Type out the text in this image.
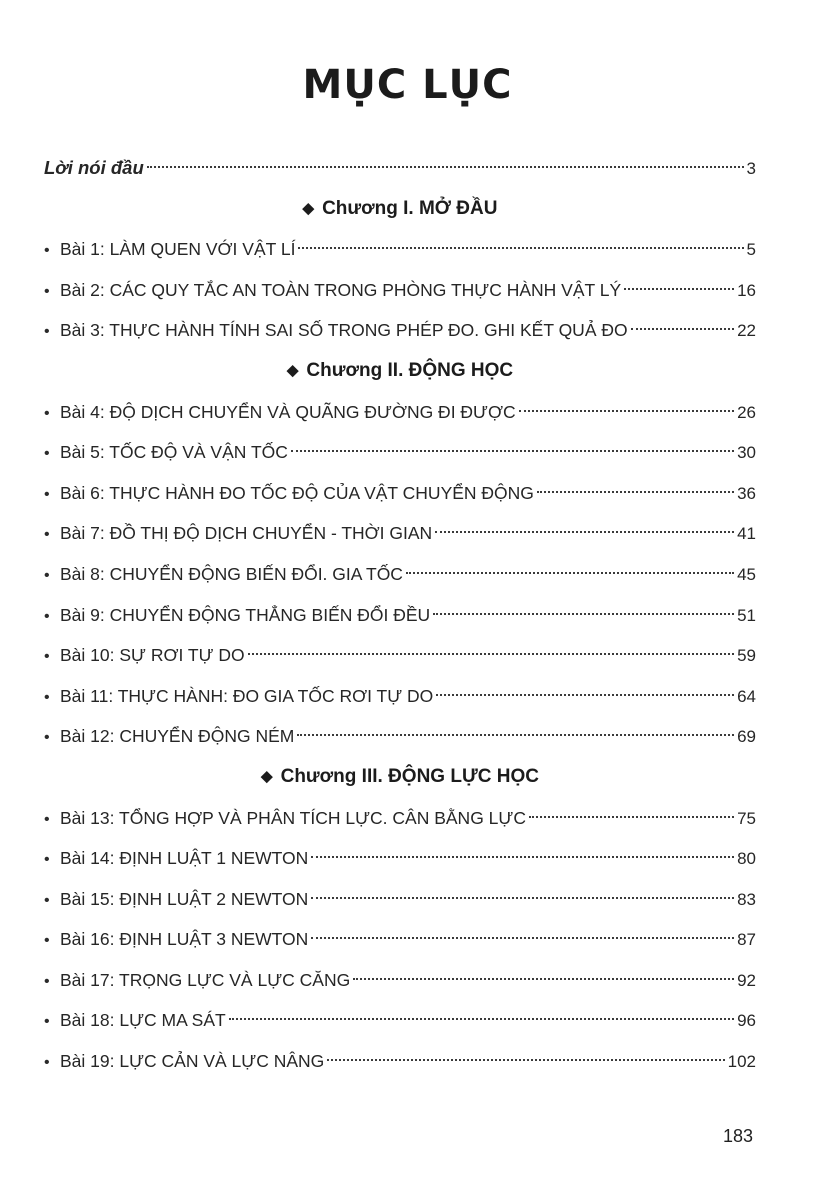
MỤC LỤC
Lời nói đầu	3
◆ Chương I. MỞ ĐẦU
• Bài 1: LÀM QUEN VỚI VẬT LÍ	5
• Bài 2: CÁC QUY TẮC AN TOÀN TRONG PHÒNG THỰC HÀNH VẬT LÝ	16
• Bài 3: THỰC HÀNH TÍNH SAI SỐ TRONG PHÉP ĐO. GHI KẾT QUẢ ĐO	22
◆ Chương II. ĐỘNG HỌC
• Bài 4: ĐỘ DỊCH CHUYỂN VÀ QUÃNG ĐƯỜNG ĐI ĐƯỢC	26
• Bài 5: TỐC ĐỘ VÀ VẬN TỐC	30
• Bài 6: THỰC HÀNH ĐO TỐC ĐỘ CỦA VẬT CHUYỂN ĐỘNG	36
• Bài 7: ĐỒ THỊ ĐỘ DỊCH CHUYỂN - THỜI GIAN	41
• Bài 8: CHUYỂN ĐỘNG BIẾN ĐỔI. GIA TỐC	45
• Bài 9: CHUYỂN ĐỘNG THẲNG BIẾN ĐỔI ĐỀU	51
• Bài 10: SỰ RƠI TỰ DO	59
• Bài 11: THỰC HÀNH: ĐO GIA TỐC RƠI TỰ DO	64
• Bài 12: CHUYỂN ĐỘNG NÉM	69
◆ Chương III. ĐỘNG LỰC HỌC
• Bài 13: TỔNG HỢP VÀ PHÂN TÍCH LỰC. CÂN BẰNG LỰC	75
• Bài 14: ĐỊNH LUẬT 1 NEWTON	80
• Bài 15: ĐỊNH LUẬT 2 NEWTON	83
• Bài 16: ĐỊNH LUẬT 3 NEWTON	87
• Bài 17: TRỌNG LỰC VÀ LỰC CĂNG	92
• Bài 18: LỰC MA SÁT	96
• Bài 19: LỰC CẢN VÀ LỰC NÂNG	102
183
